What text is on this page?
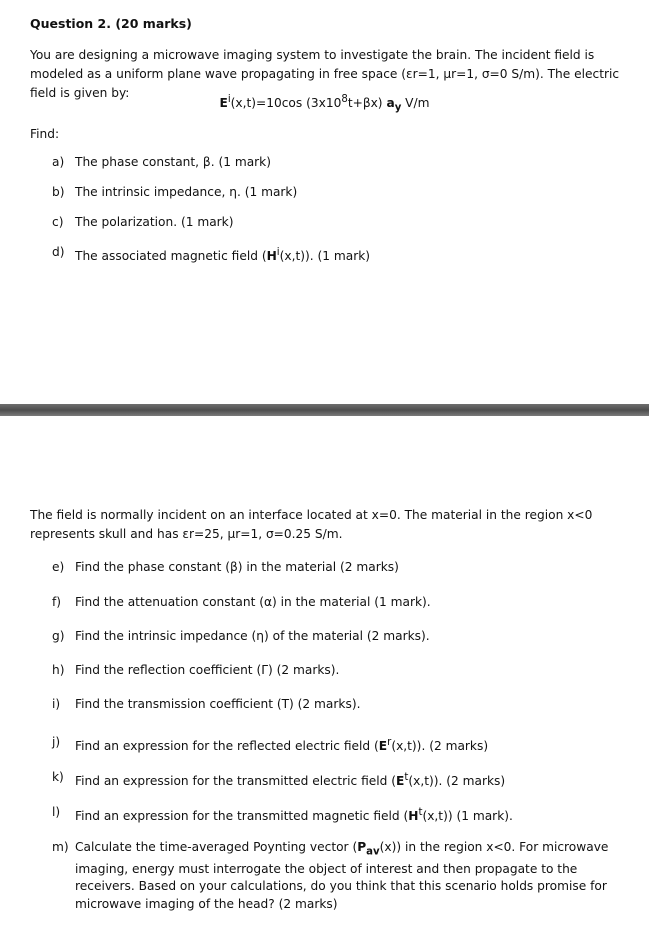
Question 2. (20 marks)
You are designing a microwave imaging system to investigate the brain. The incident field is modeled as a uniform plane wave propagating in free space (εr=1, μr=1, σ=0 S/m). The electric field is given by:
$E^i(x,t)=10\cos$ $(3x10^8t+\beta x)$ $a_y$ V/m
Find:
a) The phase constant, β. (1 mark)
b) The intrinsic impedance, η. (1 mark)
c) The polarization. (1 mark)
d) The associated magnetic field $(H^i(x,t))$. (1 mark)
The field is normally incident on an interface located at x=0. The material in the region x<0 represents skull and has εr=25, μr=1, σ=0.25 S/m.
e) Find the phase constant (β) in the material (2 marks)
f)	Find the attenuation constant (α) in the material (1 mark).
g) Find the intrinsic impedance (η) of the material (2 marks).
h) Find the reflection coefficient (Γ) (2 marks).
i)	Find the transmission coefficient (T) (2 marks).
j)	Find an expression for the reflected electric field $(E^r(x,t))$. (2 marks)
k) Find an expression for the transmitted electric field $(E^t(x,t))$. (2 marks)
l)	Find an expression for the transmitted magnetic field $(H^t(x,t))$ (1 mark).
m) Calculate the time-averaged Poynting vector $(P_{av}(x))$ in the region x<0. For microwave imaging, energy must interrogate the object of interest and then propagate to the receivers. Based on your calculations, do you think that this scenario holds promise for microwave imaging of the head? (2 marks)
